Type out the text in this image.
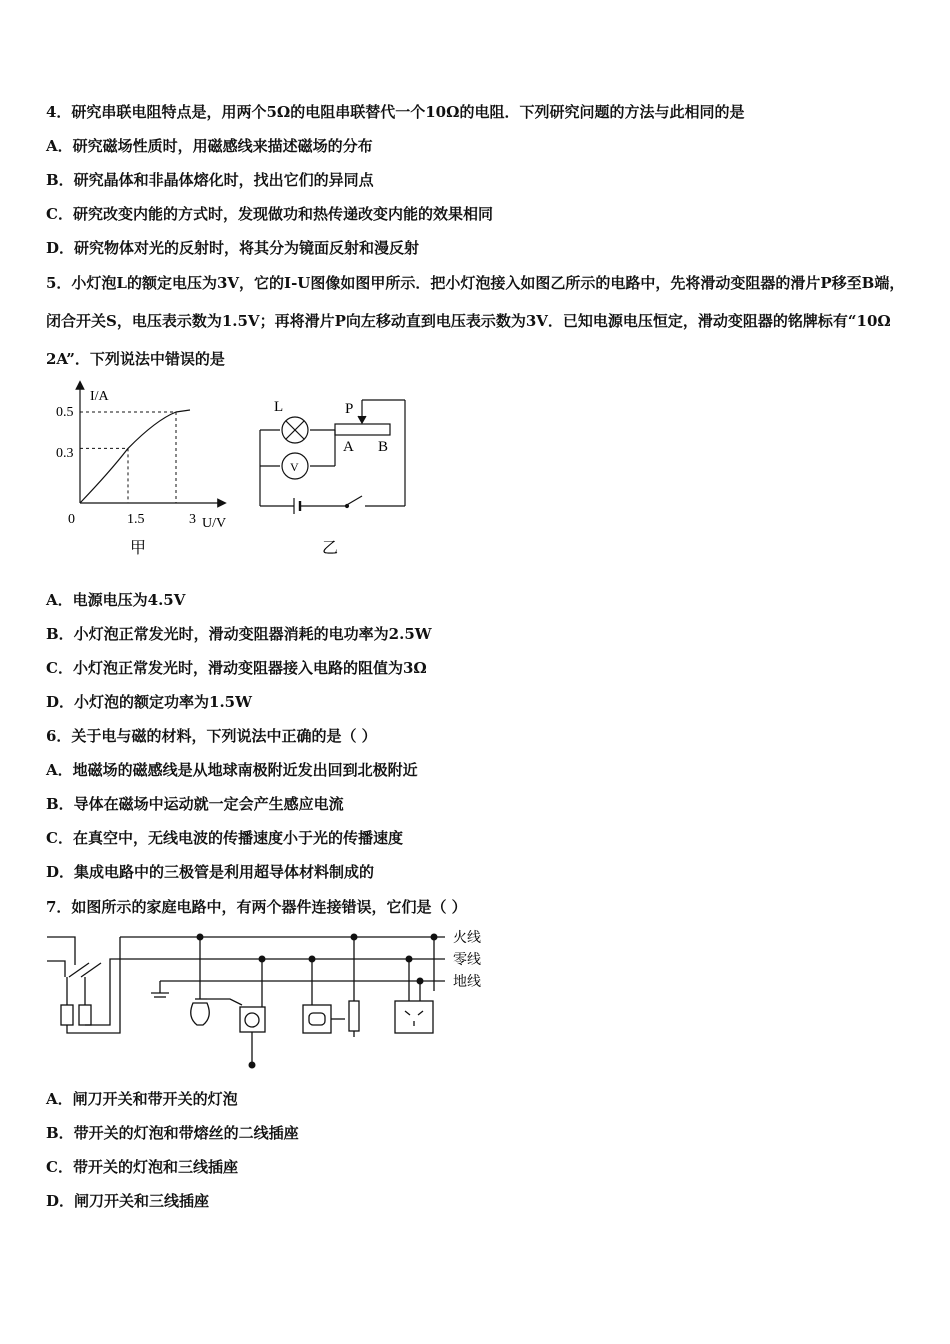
4．研究串联电阻特点是，用两个5Ω的电阻串联替代一个10Ω的电阻．下列研究问题的方法与此相同的是
A．研究磁场性质时，用磁感线来描述磁场的分布
B．研究晶体和非晶体熔化时，找出它们的异同点
C．研究改变内能的方式时，发现做功和热传递改变内能的效果相同
D．研究物体对光的反射时，将其分为镜面反射和漫反射
5．小灯泡L的额定电压为3V，它的I-U图像如图甲所示．把小灯泡接入如图乙所示的电路中，先将滑动变阻器的滑片P移至B端，闭合开关S，电压表示数为1.5V；再将滑片P向左移动直到电压表示数为3V．已知电源电压恒定，滑动变阻器的铭牌标有“10Ω 2A”．下列说法中错误的是
I/A
U/V
0
0.5
0.3
1.5	3
甲
L	P
A B
V
乙
A．电源电压为4.5V
B．小灯泡正常发光时，滑动变阻器消耗的电功率为2.5W
C．小灯泡正常发光时，滑动变阻器接入电路的阻值为3Ω
D．小灯泡的额定功率为1.5W
6．关于电与磁的材料，下列说法中正确的是（ ）
A．地磁场的磁感线是从地球南极附近发出回到北极附近
B．导体在磁场中运动就一定会产生感应电流
C．在真空中，无线电波的传播速度小于光的传播速度
D．集成电路中的三极管是利用超导体材料制成的
7．如图所示的家庭电路中，有两个器件连接错误，它们是（ ）
火线
零线
地线
A．闸刀开关和带开关的灯泡
B．带开关的灯泡和带熔丝的二线插座
C．带开关的灯泡和三线插座
D．闸刀开关和三线插座
